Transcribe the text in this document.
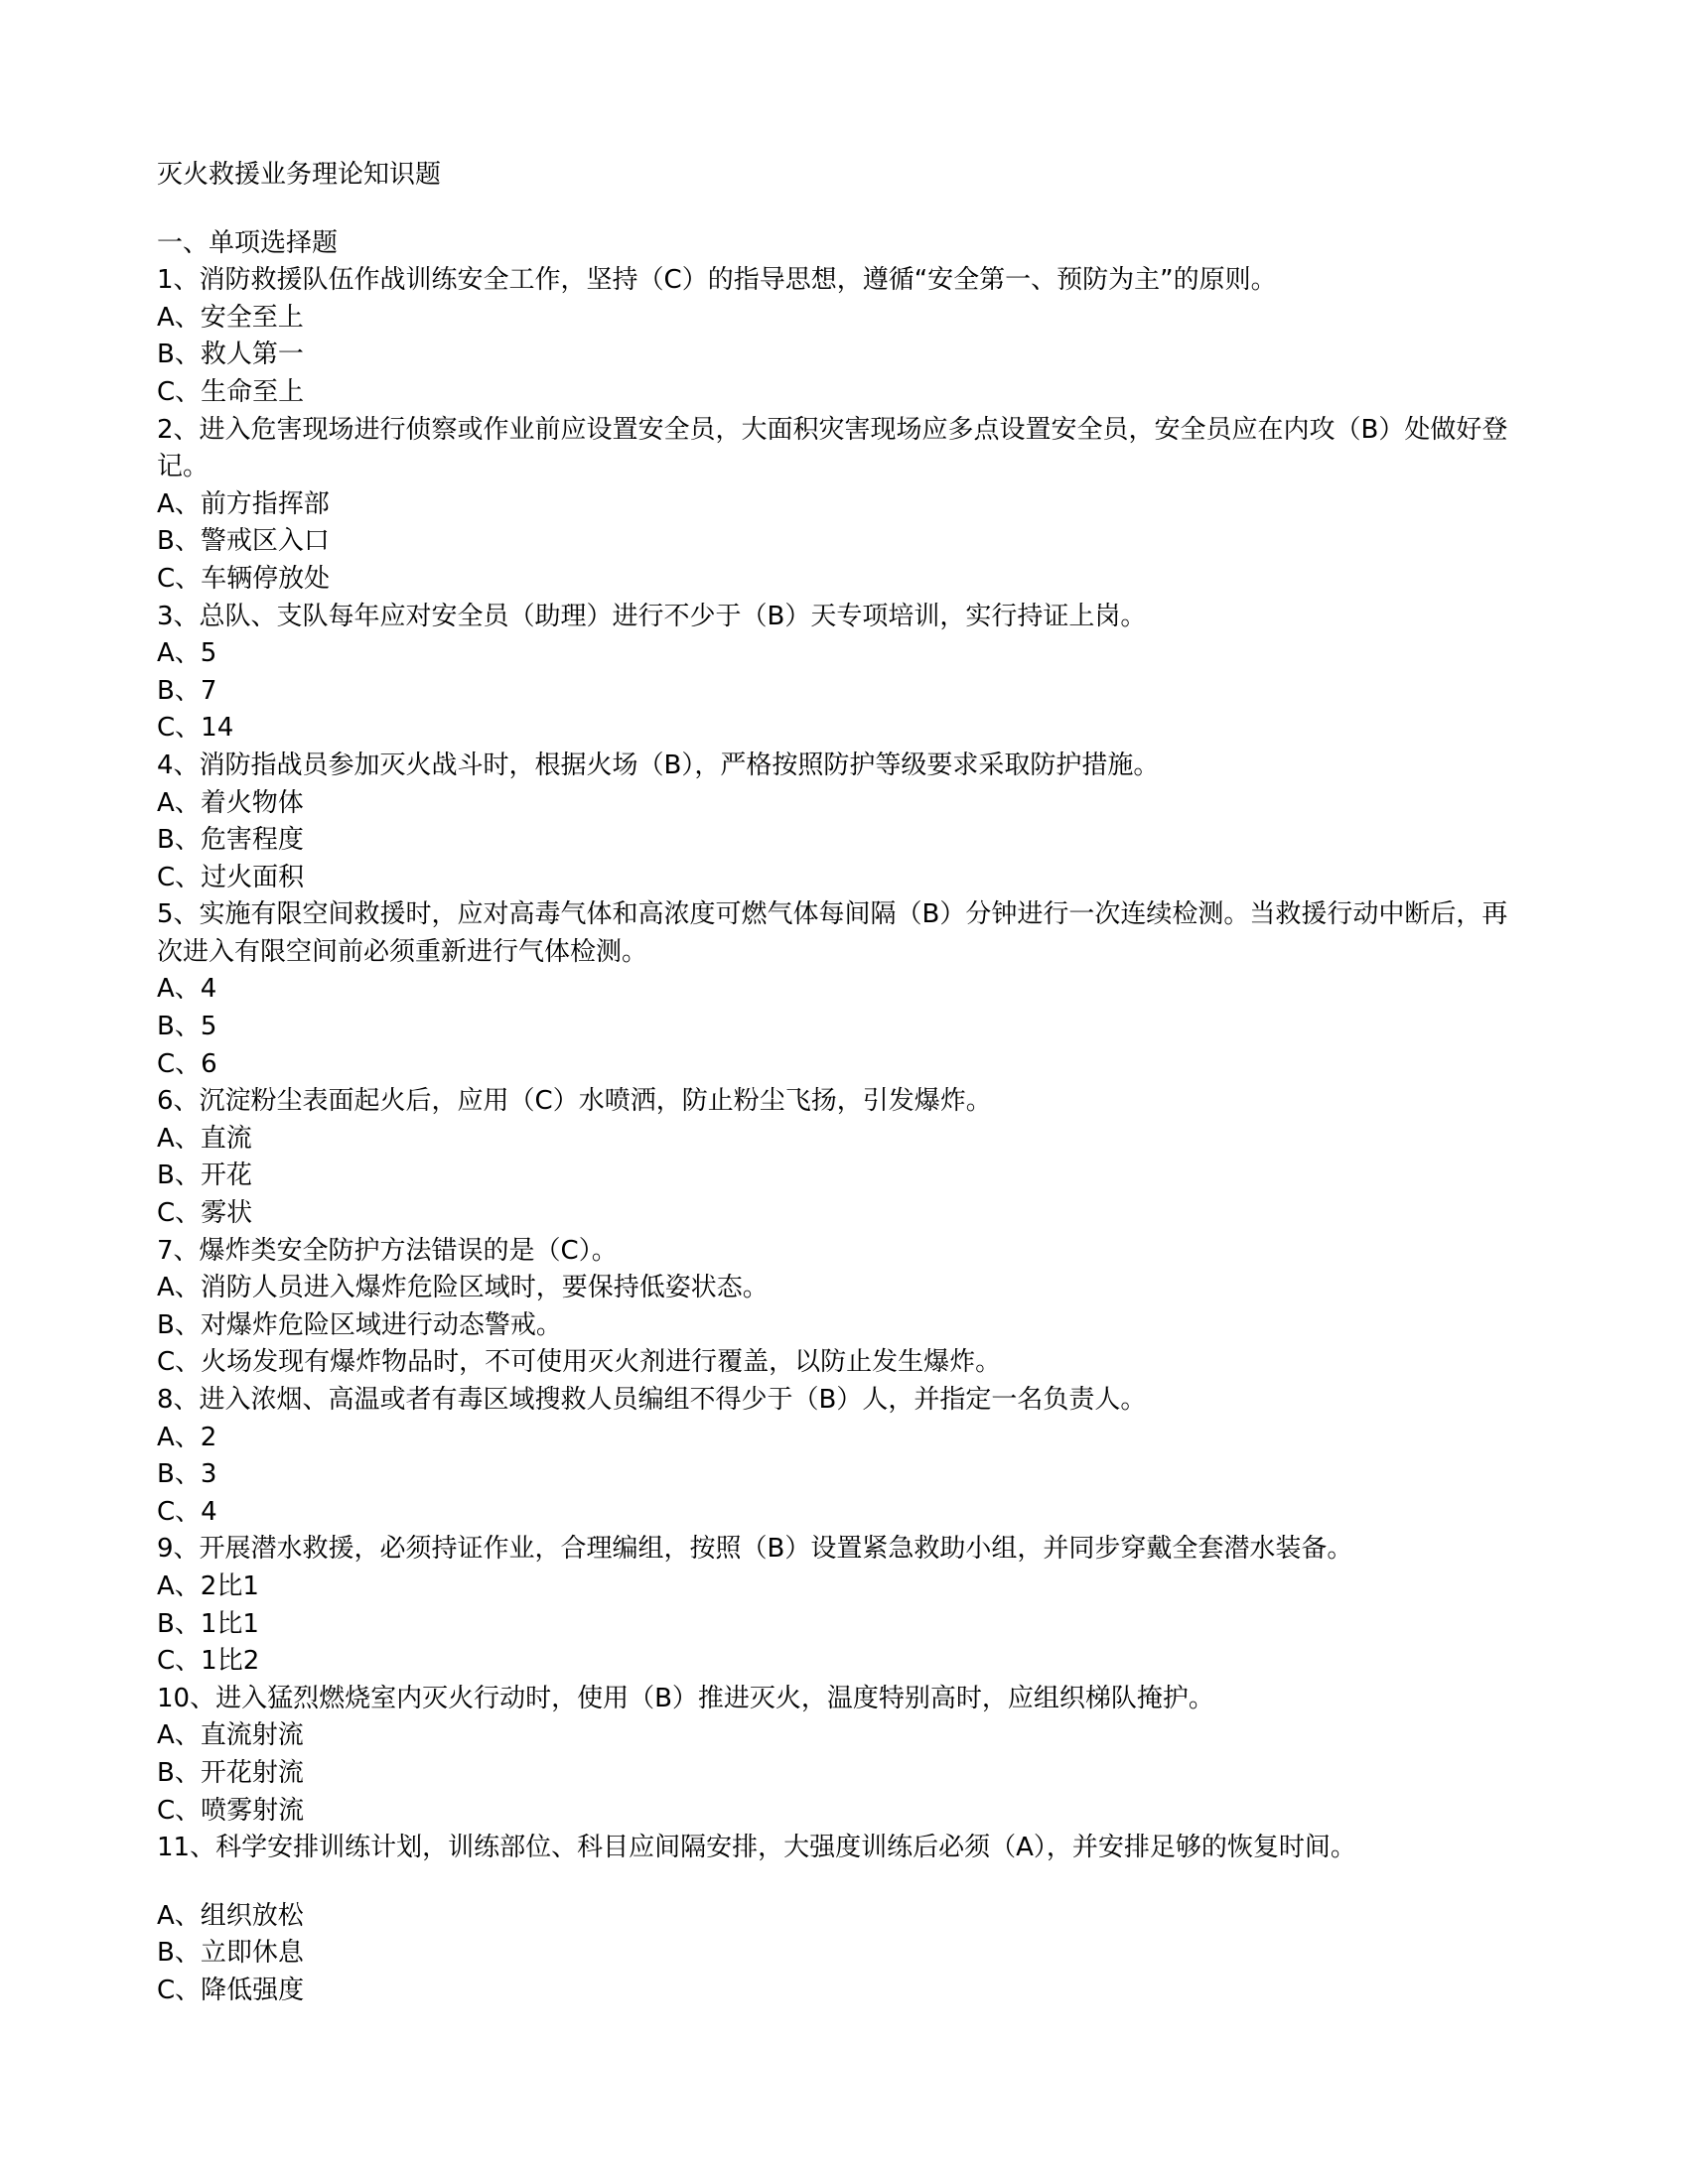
灭火救援业务理论知识题

一、单项选择题

1、消防救援队伍作战训练安全工作，坚持（C）的指导思想，遵循“安全第一、预防为主”的原则。

A、安全至上

B、救人第一

C、生命至上

2、进入危害现场进行侦察或作业前应设置安全员，大面积灾害现场应多点设置安全员，安全员应在内攻（B）处做好登记。

A、前方指挥部

B、警戒区入口

C、车辆停放处

3、总队、支队每年应对安全员（助理）进行不少于（B）天专项培训，实行持证上岗。

A、5

B、7

C、14

4、消防指战员参加灭火战斗时，根据火场（B），严格按照防护等级要求采取防护措施。

A、着火物体

B、危害程度

C、过火面积

5、实施有限空间救援时，应对高毒气体和高浓度可燃气体每间隔（B）分钟进行一次连续检测。当救援行动中断后，再次进入有限空间前必须重新进行气体检测。

A、4

B、5

C、6

6、沉淀粉尘表面起火后，应用（C）水喷洒，防止粉尘飞扬，引发爆炸。

A、直流

B、开花

C、雾状

7、爆炸类安全防护方法错误的是（C）。

A、消防人员进入爆炸危险区域时，要保持低姿状态。

B、对爆炸危险区域进行动态警戒。

C、火场发现有爆炸物品时，不可使用灭火剂进行覆盖，以防止发生爆炸。

8、进入浓烟、高温或者有毒区域搜救人员编组不得少于（B）人，并指定一名负责人。

A、2

B、3

C、4

9、开展潜水救援，必须持证作业，合理编组，按照（B）设置紧急救助小组，并同步穿戴全套潜水装备。

A、2比1

B、1比1

C、1比2

10、进入猛烈燃烧室内灭火行动时，使用（B）推进灭火，温度特别高时，应组织梯队掩护。

A、直流射流

B、开花射流

C、喷雾射流

11、科学安排训练计划，训练部位、科目应间隔安排，大强度训练后必须（A），并安排足够的恢复时间。

A、组织放松

B、立即休息

C、降低强度
